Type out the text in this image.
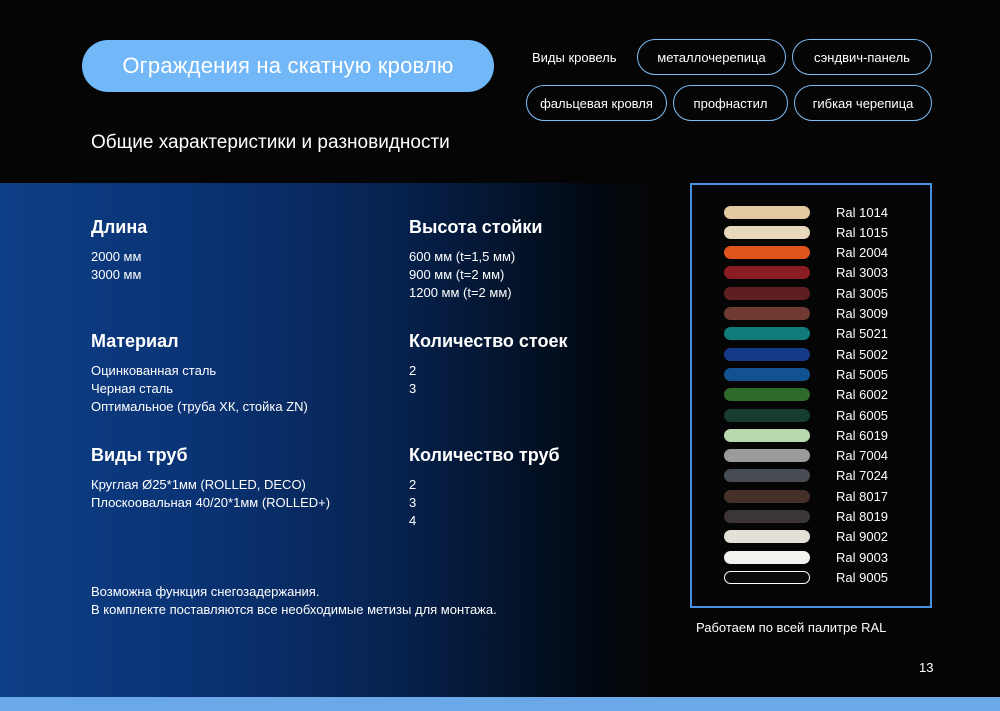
Ограждения на скатную кровлю	Виды кровель	металлочерепица	сэндвич-панель
фальцевая кровля	профнастил	гибкая черепица
Общие характеристики и разновидности
Длина
2000 мм
3000 мм
Высота стойки
600 мм (t=1,5 мм)
900 мм (t=2 мм)
1200 мм (t=2 мм)
Материал
Оцинкованная сталь
Черная сталь
Оптимальное (труба ХК, стойка ZN)
Количество стоек
2
3
Виды труб
Круглая Ø25*1мм (ROLLED, DECO)
Плоскоовальная 40/20*1мм (ROLLED+)
Количество труб
2
3
4
Возможна функция снегозадержания.
В комплекте поставляются все необходимые метизы для монтажа.
Ral 1014
Ral 1015
Ral 2004
Ral 3003
Ral 3005
Ral 3009
Ral 5021
Ral 5002
Ral 5005
Ral 6002
Ral 6005
Ral 6019
Ral 7004
Ral 7024
Ral 8017
Ral 8019
Ral 9002
Ral 9003
Ral 9005
Работаем по всей палитре RAL
13
